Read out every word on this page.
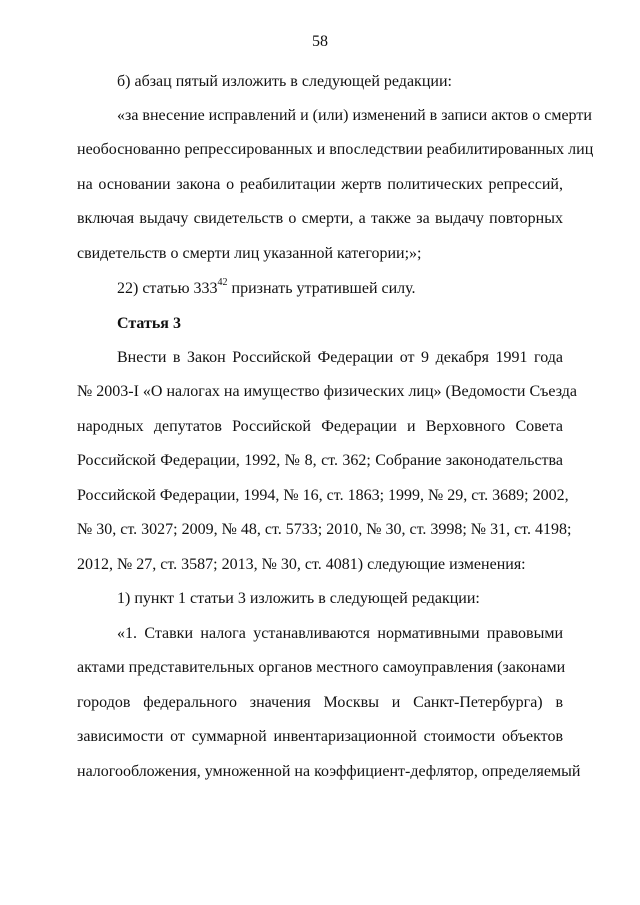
58
б) абзац пятый изложить в следующей редакции:
«за внесение исправлений и (или) изменений в записи актов о смерти
необоснованно репрессированных и впоследствии реабилитированных лиц
на основании закона о реабилитации жертв политических репрессий,
включая выдачу свидетельств о смерти, а также за выдачу повторных
свидетельств о смерти лиц указанной категории;»;
22) статью $333^{42}$ признать утратившей силу.
Статья 3
Внести в Закон Российской Федерации от 9 декабря 1991 года
№ 2003-I «О налогах на имущество физических лиц» (Ведомости Съезда
народных депутатов Российской Федерации и Верховного Совета
Российской Федерации, 1992, № 8, ст. 362; Собрание законодательства
Российской Федерации, 1994, № 16, ст. 1863; 1999, № 29, ст. 3689; 2002,
№ 30, ст. 3027; 2009, № 48, ст. 5733; 2010, № 30, ст. 3998; № 31, ст. 4198;
2012, № 27, ст. 3587; 2013, № 30, ст. 4081) следующие изменения:
1) пункт 1 статьи 3 изложить в следующей редакции:
«1. Ставки налога устанавливаются нормативными правовыми
актами представительных органов местного самоуправления (законами
городов федерального значения Москвы и Санкт-Петербурга) в
зависимости от суммарной инвентаризационной стоимости объектов
налогообложения, умноженной на коэффициент-дефлятор, определяемый
